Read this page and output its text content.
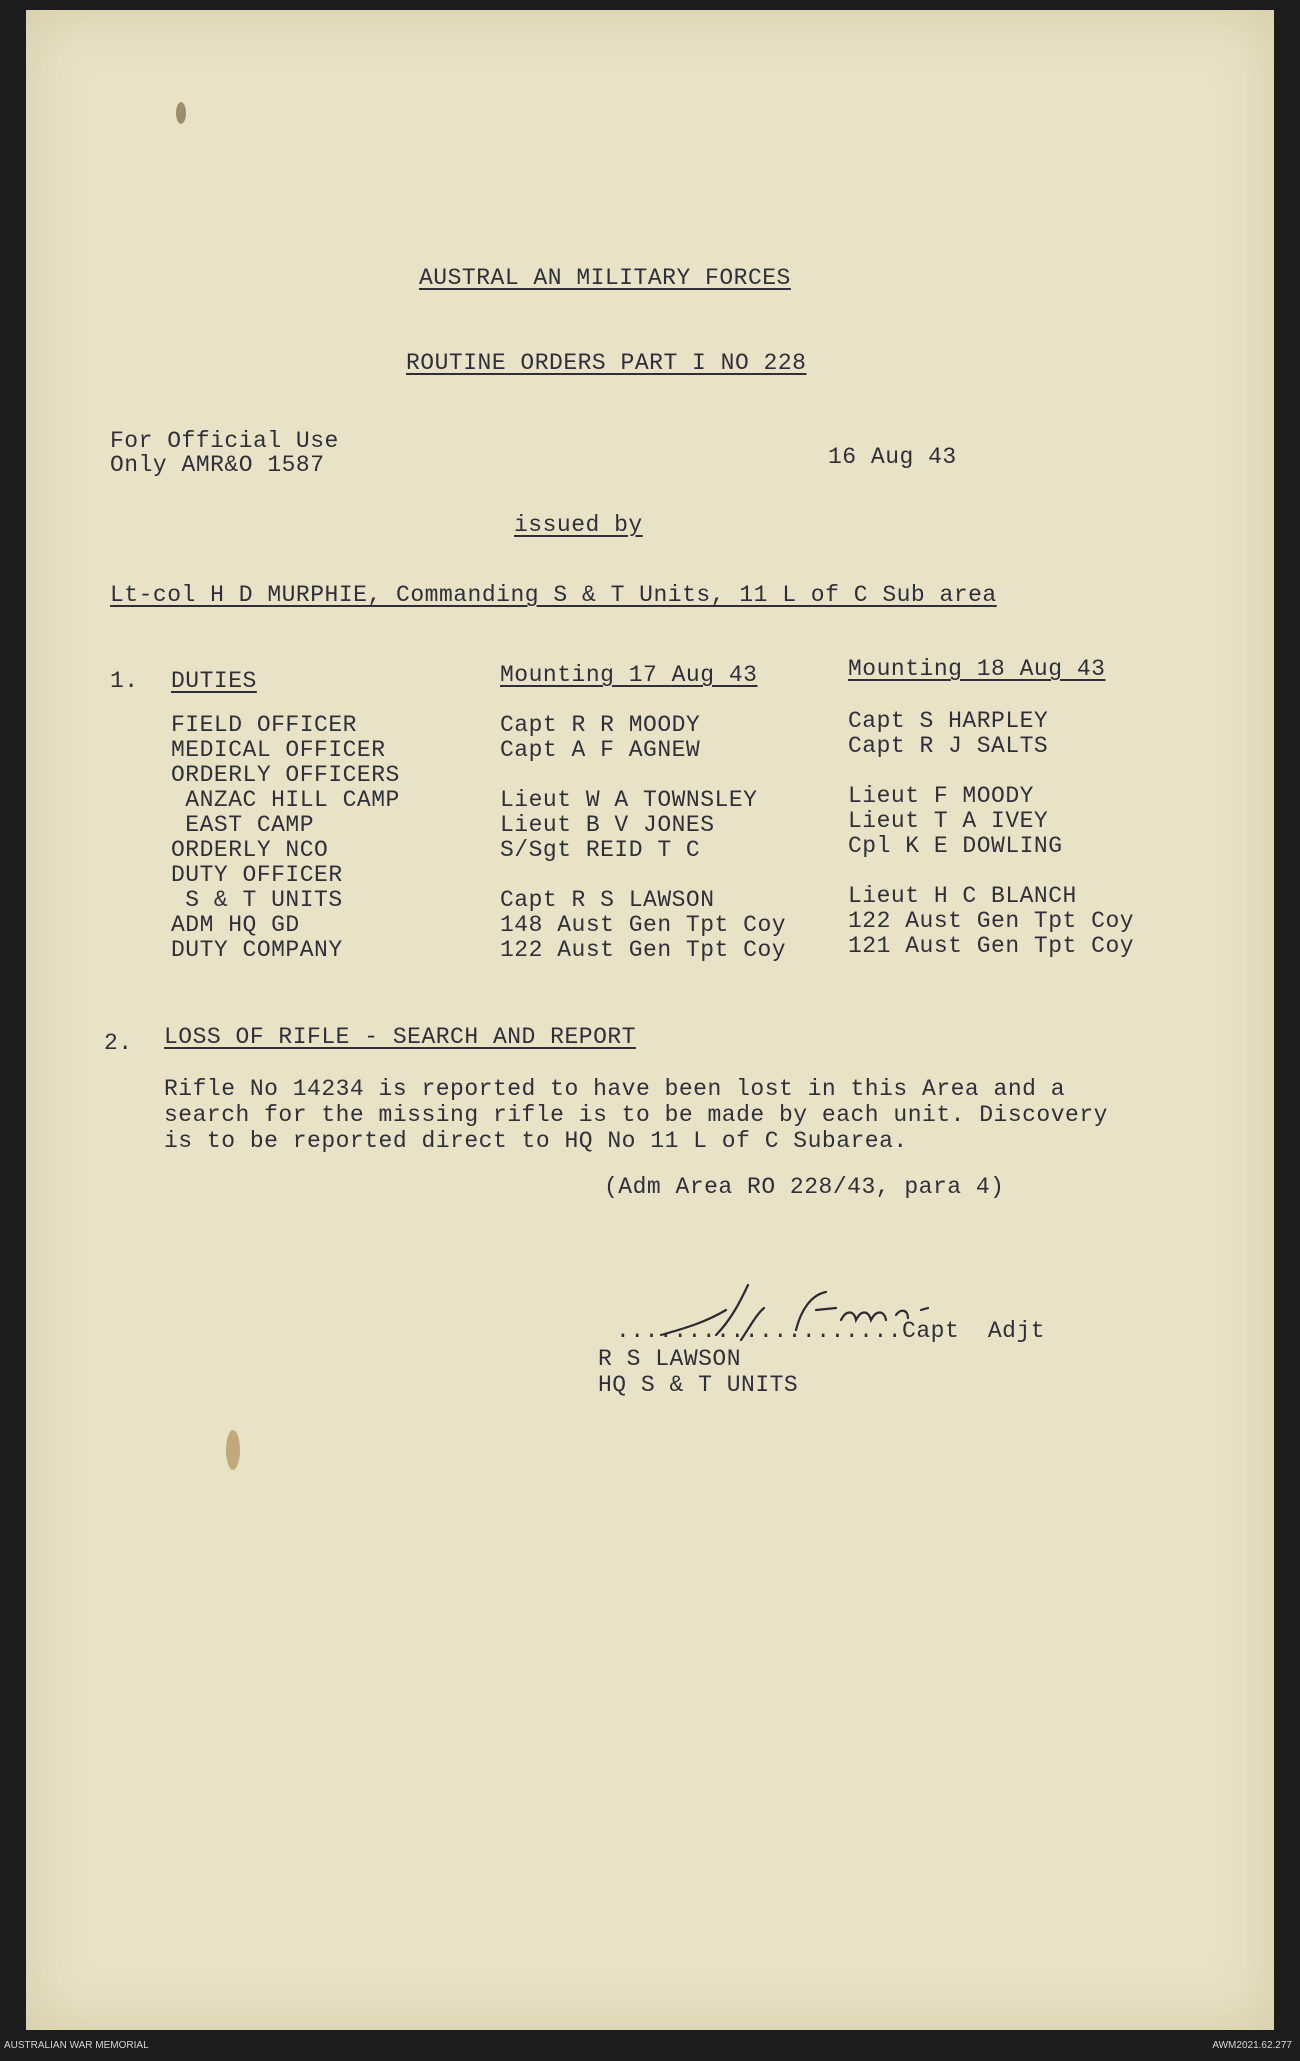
AUSTRAL AN MILITARY FORCES
ROUTINE ORDERS PART I NO 228
For Official Use
Only AMR&O 1587	16 Aug 43
issued by
Lt-col H D MURPHIE, Commanding S & T Units, 11 L of C Sub area
1. DUTIES	Mounting 17 Aug 43	Mounting 18 Aug 43
FIELD OFFICER	Capt R R MOODY	Capt S HARPLEY
MEDICAL OFFICER	Capt A F AGNEW	Capt R J SALTS
ORDERLY OFFICERS
ANZAC HILL CAMP	Lieut W A TOWNSLEY	Lieut F MOODY
EAST CAMP	Lieut B V JONES	Lieut T A IVEY
ORDERLY NCO	S/Sgt REID T C	Cpl K E DOWLING
DUTY OFFICER
S & T UNITS	Capt R S LAWSON	Lieut H C BLANCH
ADM HQ GD	148 Aust Gen Tpt Coy	122 Aust Gen Tpt Coy
DUTY COMPANY	122 Aust Gen Tpt Coy	121 Aust Gen Tpt Coy
2. LOSS OF RIFLE - SEARCH AND REPORT
Rifle No 14234 is reported to have been lost in this Area and a
search for the missing rifle is to be made by each unit. Discovery
is to be reported direct to HQ No 11 L of C Subarea.
(Adm Area RO 228/43, para 4)
....................Capt  Adjt
R S LAWSON
HQ S & T UNITS
AUSTRALIAN WAR MEMORIAL	AWM2021.62.277
